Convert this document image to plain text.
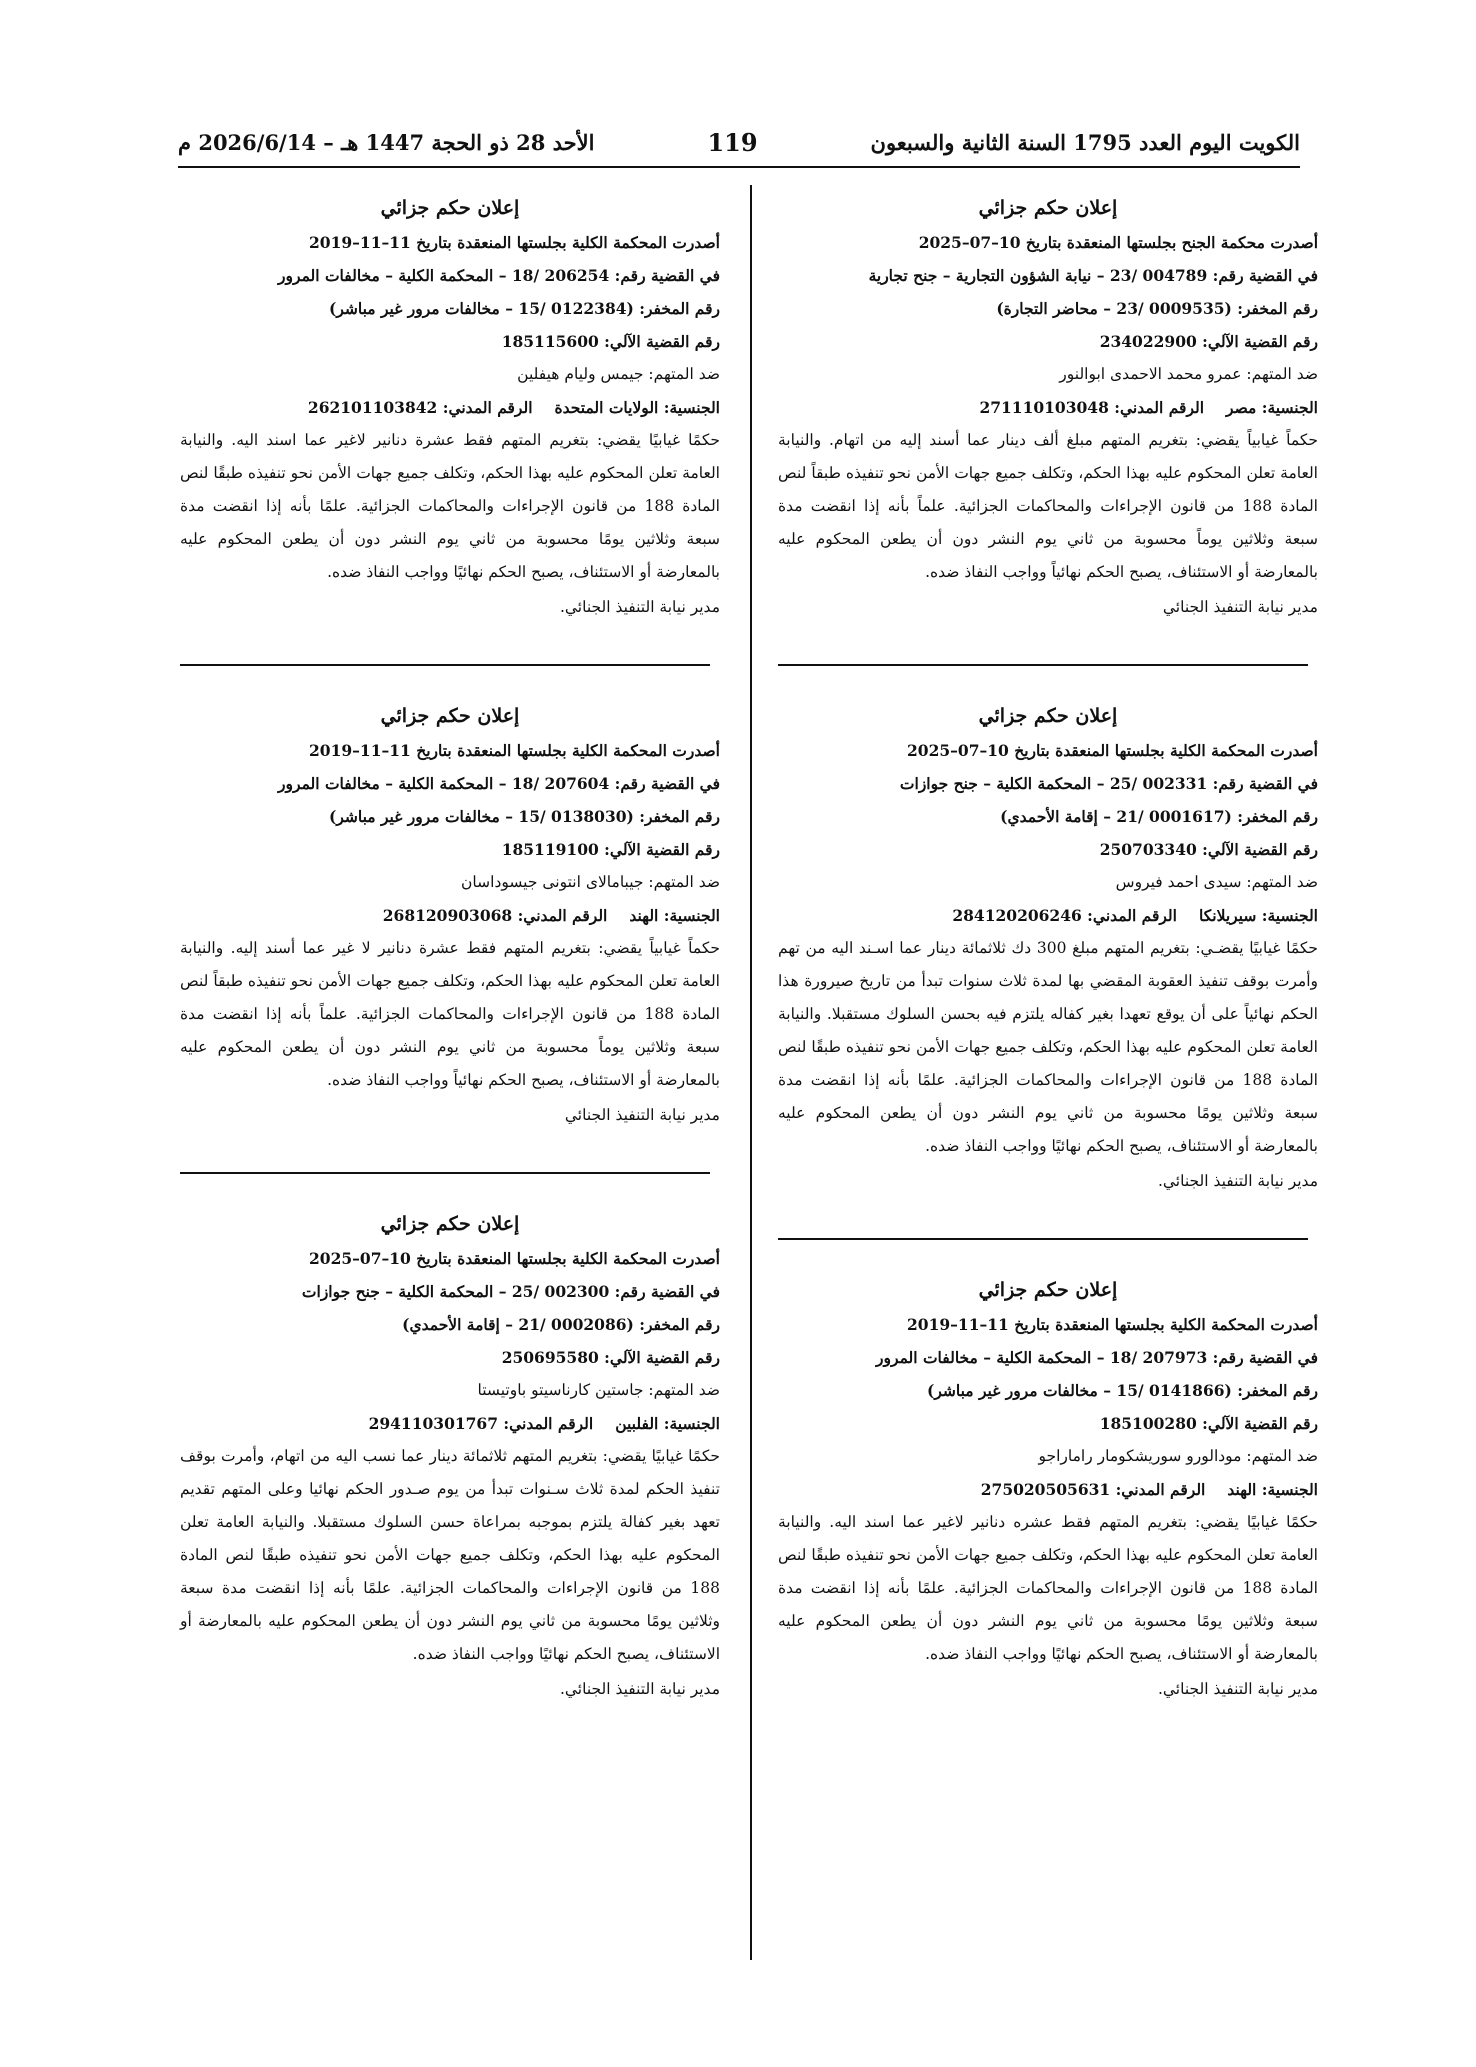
الكويت اليوم العدد 1795 السنة الثانية والسبعون
119
الأحد 28 ذو الحجة 1447 هـ – 2026/6/14 م
إعلان حكم جزائي
أصدرت محكمة الجنح بجلستها المنعقدة بتاريخ 10–07–2025
في القضية رقم: 004789 /23 – نيابة الشؤون التجارية – جنح تجارية
رقم المخفر: (0009535 /23 – محاضر التجارة)
رقم القضية الآلي: 234022900
ضد المتهم: عمرو محمد الاحمدى ابوالنور
الجنسية: مصرالرقم المدني: 271110103048
حكماً غيابياً يقضي: بتغريم المتهم مبلغ ألف دينار عما أسند إليه من اتهام. والنيابة العامة تعلن المحكوم عليه بهذا الحكم، وتكلف جميع جهات الأمن نحو تنفيذه طبقاً لنص المادة 188 من قانون الإجراءات والمحاكمات الجزائية. علماً بأنه إذا انقضت مدة سبعة وثلاثين يوماً محسوبة من ثاني يوم النشر دون أن يطعن المحكوم عليه بالمعارضة أو الاستئناف، يصبح الحكم نهائياً وواجب النفاذ ضده.
مدير نيابة التنفيذ الجنائي
إعلان حكم جزائي
أصدرت المحكمة الكلية بجلستها المنعقدة بتاريخ 10–07–2025
في القضية رقم: 002331 /25 – المحكمة الكلية – جنح جوازات
رقم المخفر: (0001617 /21 – إقامة الأحمدي)
رقم القضية الآلي: 250703340
ضد المتهم: سيدى احمد فيروس
الجنسية: سيريلانكاالرقم المدني: 284120206246
حكمًا غيابيًا يقضـي: بتغريم المتهم مبلغ 300 دك ثلاثمائة دينار عما اسـند اليه من تهم وأمرت بوقف تنفيذ العقوبة المقضي بها لمدة ثلاث سنوات تبدأ من تاريخ صيرورة هذا الحكم نهائياً على أن يوقع تعهدا بغير كفاله يلتزم فيه بحسن السلوك مستقبلا. والنيابة العامة تعلن المحكوم عليه بهذا الحكم، وتكلف جميع جهات الأمن نحو تنفيذه طبقًا لنص المادة 188 من قانون الإجراءات والمحاكمات الجزائية. علمًا بأنه إذا انقضت مدة سبعة وثلاثين يومًا محسوبة من ثاني يوم النشر دون أن يطعن المحكوم عليه بالمعارضة أو الاستئناف، يصبح الحكم نهائيًا وواجب النفاذ ضده.
مدير نيابة التنفيذ الجنائي.
إعلان حكم جزائي
أصدرت المحكمة الكلية بجلستها المنعقدة بتاريخ 11–11–2019
في القضية رقم: 207973 /18 – المحكمة الكلية – مخالفات المرور
رقم المخفر: (0141866 /15 – مخالفات مرور غير مباشر)
رقم القضية الآلي: 185100280
ضد المتهم: مودالورو سوريشكومار راماراجو
الجنسية: الهندالرقم المدني: 275020505631
حكمًا غيابيًا يقضي: بتغريم المتهم فقط عشره دنانير لاغير عما اسند اليه. والنيابة العامة تعلن المحكوم عليه بهذا الحكم، وتكلف جميع جهات الأمن نحو تنفيذه طبقًا لنص المادة 188 من قانون الإجراءات والمحاكمات الجزائية. علمًا بأنه إذا انقضت مدة سبعة وثلاثين يومًا محسوبة من ثاني يوم النشر دون أن يطعن المحكوم عليه بالمعارضة أو الاستئناف، يصبح الحكم نهائيًا وواجب النفاذ ضده.
مدير نيابة التنفيذ الجنائي.
إعلان حكم جزائي
أصدرت المحكمة الكلية بجلستها المنعقدة بتاريخ 11–11–2019
في القضية رقم: 206254 /18 – المحكمة الكلية – مخالفات المرور
رقم المخفر: (0122384 /15 – مخالفات مرور غير مباشر)
رقم القضية الآلي: 185115600
ضد المتهم: جيمس وليام هيفلين
الجنسية: الولايات المتحدةالرقم المدني: 262101103842
حكمًا غيابيًا يقضي: بتغريم المتهم فقط عشرة دنانير لاغير عما اسند اليه. والنيابة العامة تعلن المحكوم عليه بهذا الحكم، وتكلف جميع جهات الأمن نحو تنفيذه طبقًا لنص المادة 188 من قانون الإجراءات والمحاكمات الجزائية. علمًا بأنه إذا انقضت مدة سبعة وثلاثين يومًا محسوبة من ثاني يوم النشر دون أن يطعن المحكوم عليه بالمعارضة أو الاستئناف، يصبح الحكم نهائيًا وواجب النفاذ ضده.
مدير نيابة التنفيذ الجنائي.
إعلان حكم جزائي
أصدرت المحكمة الكلية بجلستها المنعقدة بتاريخ 11–11–2019
في القضية رقم: 207604 /18 – المحكمة الكلية – مخالفات المرور
رقم المخفر: (0138030 /15 – مخالفات مرور غير مباشر)
رقم القضية الآلي: 185119100
ضد المتهم: جيبامالاى انتونى جيسوداسان
الجنسية: الهندالرقم المدني: 268120903068
حكماً غيابياً يقضي: بتغريم المتهم فقط عشرة دنانير لا غير عما أسند إليه. والنيابة العامة تعلن المحكوم عليه بهذا الحكم، وتكلف جميع جهات الأمن نحو تنفيذه طبقاً لنص المادة 188 من قانون الإجراءات والمحاكمات الجزائية. علماً بأنه إذا انقضت مدة سبعة وثلاثين يوماً محسوبة من ثاني يوم النشر دون أن يطعن المحكوم عليه بالمعارضة أو الاستئناف، يصبح الحكم نهائياً وواجب النفاذ ضده.
مدير نيابة التنفيذ الجنائي
إعلان حكم جزائي
أصدرت المحكمة الكلية بجلستها المنعقدة بتاريخ 10–07–2025
في القضية رقم: 002300 /25 – المحكمة الكلية – جنح جوازات
رقم المخفر: (0002086 /21 – إقامة الأحمدي)
رقم القضية الآلي: 250695580
ضد المتهم: جاستين كارناسيتو باوتيستا
الجنسية: الفلبينالرقم المدني: 294110301767
حكمًا غيابيًا يقضي: بتغريم المتهم ثلاثمائة دينار عما نسب اليه من اتهام، وأمرت بوقف تنفيذ الحكم لمدة ثلاث سـنوات تبدأ من يوم صـدور الحكم نهائيا وعلى المتهم تقديم تعهد بغير كفالة يلتزم بموجبه بمراعاة حسن السلوك مستقبلا. والنيابة العامة تعلن المحكوم عليه بهذا الحكم، وتكلف جميع جهات الأمن نحو تنفيذه طبقًا لنص المادة 188 من قانون الإجراءات والمحاكمات الجزائية. علمًا بأنه إذا انقضت مدة سبعة وثلاثين يومًا محسوبة من ثاني يوم النشر دون أن يطعن المحكوم عليه بالمعارضة أو الاستئناف، يصبح الحكم نهائيًا وواجب النفاذ ضده.
مدير نيابة التنفيذ الجنائي.
